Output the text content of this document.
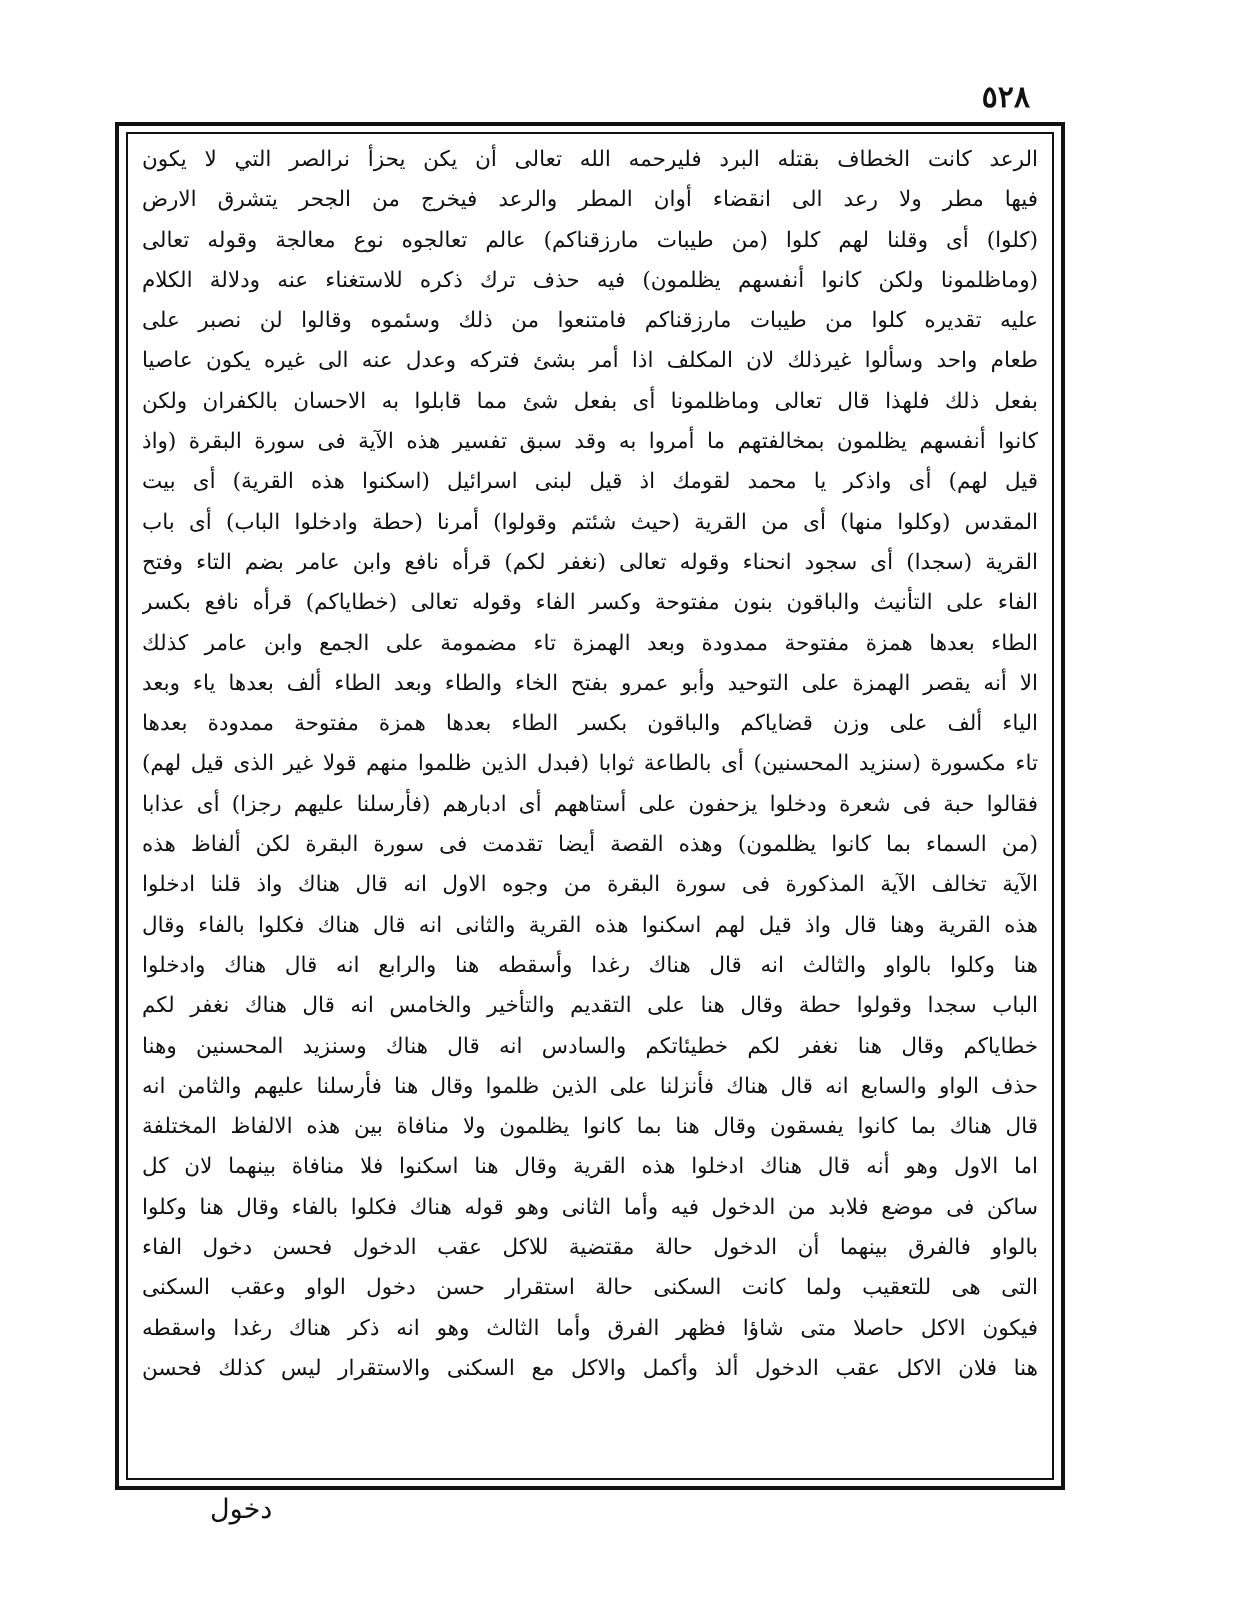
٥٢٨
الرعد كانت الخطاف بقتله البرد فليرحمه الله تعالى أن يكن يحزأ نرالصر التي لا يكون
فيها مطر ولا رعد الى انقضاء أوان المطر والرعد فيخرج من الجحر يتشرق الارض
(كلوا) أى وقلنا لهم كلوا (من طيبات مارزقناكم) عالم تعالجوه نوع معالجة وقوله تعالى
(وماظلمونا ولكن كانوا أنفسهم يظلمون) فيه حذف ترك ذكره للاستغناء عنه ودلالة الكلام
عليه تقديره كلوا من طيبات مارزقناكم فامتنعوا من ذلك وسئموه وقالوا لن نصبر على
طعام واحد وسألوا غيرذلك لان المكلف اذا أمر بشئ فتركه وعدل عنه الى غيره يكون عاصيا
بفعل ذلك فلهذا قال تعالى وماظلمونا أى بفعل شئ مما قابلوا به الاحسان بالكفران ولكن
كانوا أنفسهم يظلمون بمخالفتهم ما أمروا به وقد سبق تفسير هذه الآية فى سورة البقرة (واذ
قيل لهم) أى واذكر يا محمد لقومك اذ قيل لبنى اسرائيل (اسكنوا هذه القرية) أى بيت
المقدس (وكلوا منها) أى من القرية (حيث شئتم وقولوا) أمرنا (حطة وادخلوا الباب) أى باب
القرية (سجدا) أى سجود انحناء وقوله تعالى (نغفر لكم) قرأه نافع وابن عامر بضم التاء وفتح
الفاء على التأنيث والباقون بنون مفتوحة وكسر الفاء وقوله تعالى (خطاياكم) قرأه نافع بكسر
الطاء بعدها همزة مفتوحة ممدودة وبعد الهمزة تاء مضمومة على الجمع وابن عامر كذلك
الا أنه يقصر الهمزة على التوحيد وأبو عمرو بفتح الخاء والطاء وبعد الطاء ألف بعدها ياء وبعد
الياء ألف على وزن قضاياكم والباقون بكسر الطاء بعدها همزة مفتوحة ممدودة بعدها
تاء مكسورة (سنزيد المحسنين) أى بالطاعة ثوابا (فبدل الذين ظلموا منهم قولا غير الذى قيل لهم)
فقالوا حبة فى شعرة ودخلوا يزحفون على أستاههم أى ادبارهم (فأرسلنا عليهم رجزا) أى عذابا
(من السماء بما كانوا يظلمون) وهذه القصة أيضا تقدمت فى سورة البقرة لكن ألفاظ هذه
الآية تخالف الآية المذكورة فى سورة البقرة من وجوه الاول انه قال هناك واذ قلنا ادخلوا
هذه القرية وهنا قال واذ قيل لهم اسكنوا هذه القرية والثانى انه قال هناك فكلوا بالفاء وقال
هنا وكلوا بالواو والثالث انه قال هناك رغدا وأسقطه هنا والرابع انه قال هناك وادخلوا
الباب سجدا وقولوا حطة وقال هنا على التقديم والتأخير والخامس انه قال هناك نغفر لكم
خطاياكم وقال هنا نغفر لكم خطيئاتكم والسادس انه قال هناك وسنزيد المحسنين وهنا
حذف الواو والسابع انه قال هناك فأنزلنا على الذين ظلموا وقال هنا فأرسلنا عليهم والثامن انه
قال هناك بما كانوا يفسقون وقال هنا بما كانوا يظلمون ولا منافاة بين هذه الالفاظ المختلفة
اما الاول وهو أنه قال هناك ادخلوا هذه القرية وقال هنا اسكنوا فلا منافاة بينهما لان كل
ساكن فى موضع فلابد من الدخول فيه وأما الثانى وهو قوله هناك فكلوا بالفاء وقال هنا وكلوا
بالواو فالفرق بينهما أن الدخول حالة مقتضية للاكل عقب الدخول فحسن دخول الفاء
التى هى للتعقيب ولما كانت السكنى حالة استقرار حسن دخول الواو وعقب السكنى
فيكون الاكل حاصلا متى شاؤا فظهر الفرق وأما الثالث وهو انه ذكر هناك رغدا واسقطه
هنا فلان الاكل عقب الدخول ألذ وأكمل والاكل مع السكنى والاستقرار ليس كذلك فحسن
دخول
